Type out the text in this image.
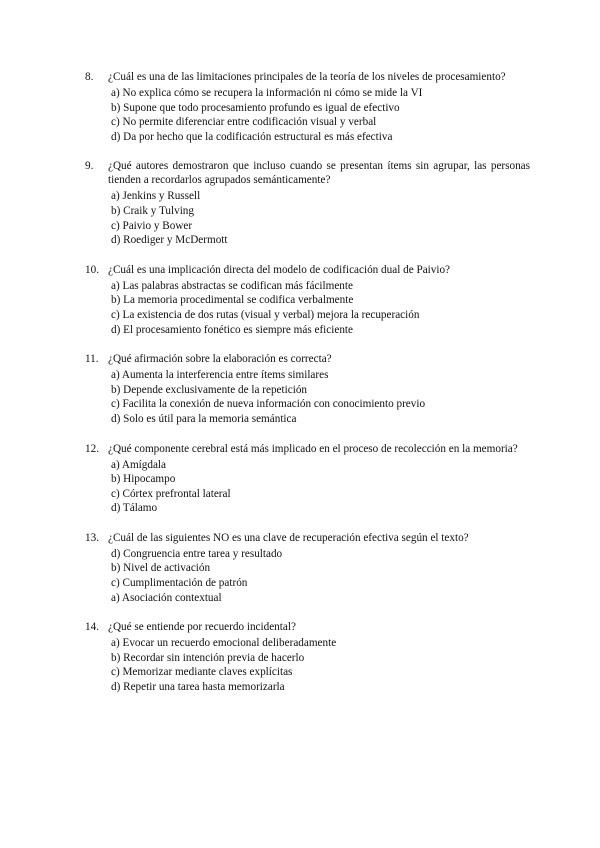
8.	¿Cuál es una de las limitaciones principales de la teoría de los niveles de procesamiento?
a) No explica cómo se recupera la información ni cómo se mide la VI
b) Supone que todo procesamiento profundo es igual de efectivo
c) No permite diferenciar entre codificación visual y verbal
d) Da por hecho que la codificación estructural es más efectiva
9.	¿Qué autores demostraron que incluso cuando se presentan ítems sin agrupar, las personas tienden a recordarlos agrupados semánticamente?
a) Jenkins y Russell
b) Craik y Tulving
c) Paivio y Bower
d) Roediger y McDermott
10. ¿Cuál es una implicación directa del modelo de codificación dual de Paivio?
a) Las palabras abstractas se codifican más fácilmente
b) La memoria procedimental se codifica verbalmente
c) La existencia de dos rutas (visual y verbal) mejora la recuperación
d) El procesamiento fonético es siempre más eficiente
11. ¿Qué afirmación sobre la elaboración es correcta?
a) Aumenta la interferencia entre ítems similares
b) Depende exclusivamente de la repetición
c) Facilita la conexión de nueva información con conocimiento previo
d) Solo es útil para la memoria semántica
12. ¿Qué componente cerebral está más implicado en el proceso de recolección en la memoria?
a) Amígdala
b) Hipocampo
c) Córtex prefrontal lateral
d) Tálamo
13. ¿Cuál de las siguientes NO es una clave de recuperación efectiva según el texto?
d) Congruencia entre tarea y resultado
b) Nivel de activación
c) Cumplimentación de patrón
a) Asociación contextual
14. ¿Qué se entiende por recuerdo incidental?
a) Evocar un recuerdo emocional deliberadamente
b) Recordar sin intención previa de hacerlo
c) Memorizar mediante claves explícitas
d) Repetir una tarea hasta memorizarla
